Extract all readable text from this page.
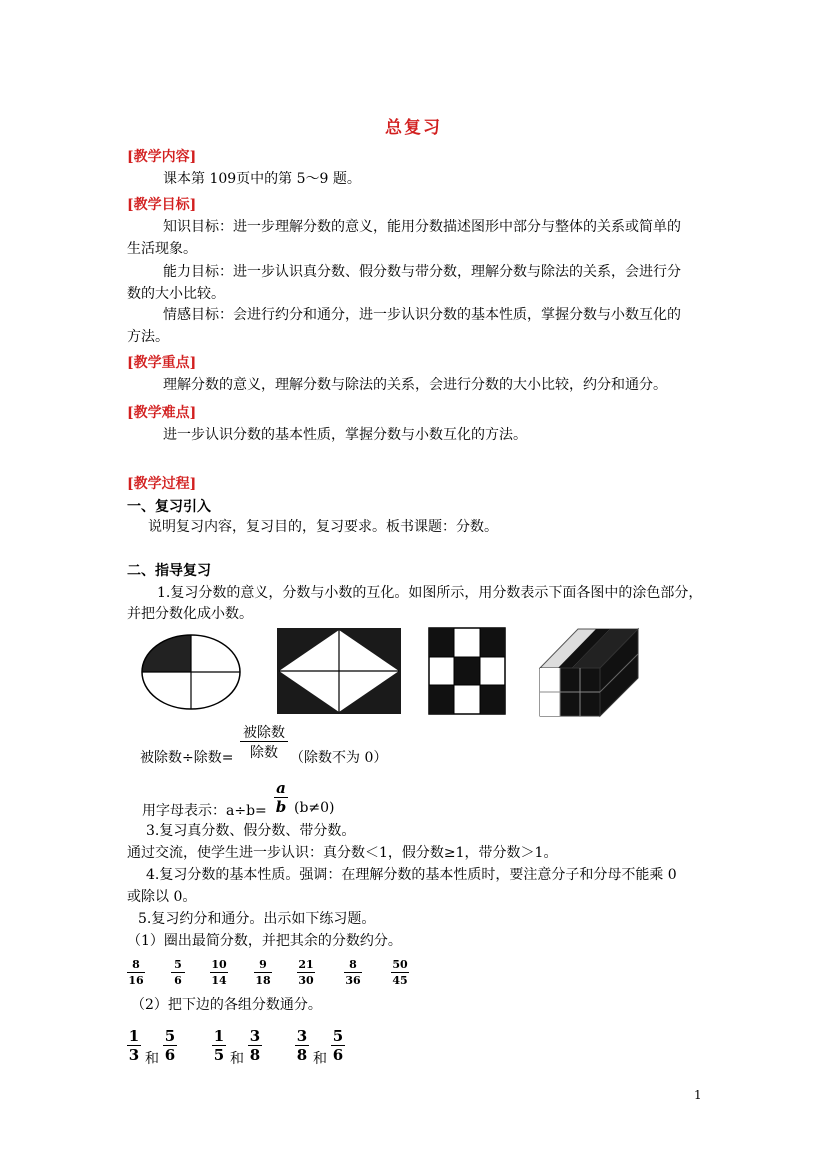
总复习
[教学内容]
课本第 109页中的第 5～9 题。
[教学目标]
知识目标：进一步理解分数的意义，能用分数描述图形中部分与整体的关系或简单的
生活现象。
能力目标：进一步认识真分数、假分数与带分数，理解分数与除法的关系，会进行分
数的大小比较。
情感目标：会进行约分和通分，进一步认识分数的基本性质，掌握分数与小数互化的
方法。
[教学重点]
理解分数的意义，理解分数与除法的关系，会进行分数的大小比较，约分和通分。
[教学难点]
进一步认识分数的基本性质，掌握分数与小数互化的方法。
[教学过程]
一、复习引入
说明复习内容，复习目的，复习要求。板书课题：分数。
二、指导复习
1.复习分数的意义，分数与小数的互化。如图所示，用分数表示下面各图中的涂色部分，
并把分数化成小数。
被除数÷除数=
被除数
除数 （除数不为 0）
用字母表示：a÷b=
a
b (b≠0)
3.复习真分数、假分数、带分数。
通过交流，使学生进一步认识：真分数＜1，假分数≥1，带分数＞1。
4.复习分数的基本性质。强调：在理解分数的基本性质时，要注意分子和分母不能乘 0
或除以 0。
5.复习约分和通分。出示如下练习题。
（1）圈出最简分数，并把其余的分数约分。
8
16
5
6
10
14
9
18
21
30
8
36
50
45
（2）把下边的各组分数通分。
1
3 和
5
6
1
5 和
3
8
3
8 和
5
6
1
